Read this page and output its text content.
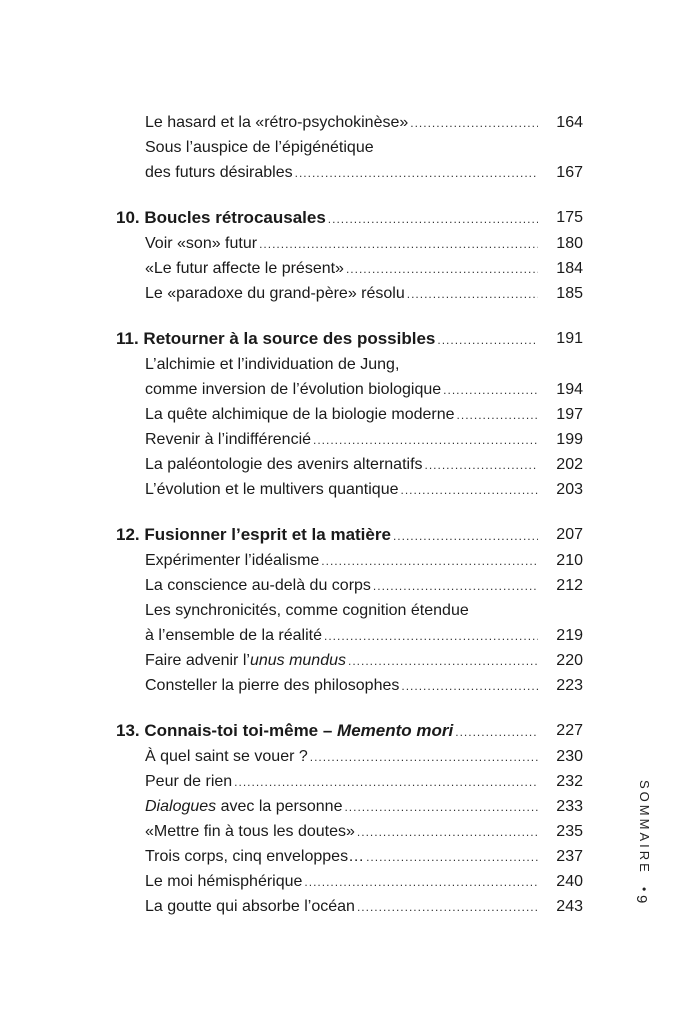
Le hasard et la «rétro-psychokinèse» .....	164
Sous l’auspice de l’épigénétique
des futurs désirables .....	167
10. Boucles rétrocausales .....	175
Voir «son» futur .....	180
«Le futur affecte le présent» .....	184
Le «paradoxe du grand-père» résolu .....	185
11. Retourner à la source des possibles .....	191
L’alchimie et l’individuation de Jung,
comme inversion de l’évolution biologique .....	194
La quête alchimique de la biologie moderne .....	197
Revenir à l’indifférencié .....	199
La paléontologie des avenirs alternatifs .....	202
L’évolution et le multivers quantique .....	203
12. Fusionner l’esprit et la matière .....	207
Expérimenter l’idéalisme .....	210
La conscience au-delà du corps .....	212
Les synchronicités, comme cognition étendue
à l’ensemble de la réalité .....	219
Faire advenir l’unus mundus .....	220
Consteller la pierre des philosophes .....	223
13. Connais-toi toi-même – Memento mori .....	227
À quel saint se vouer ? .....	230
Peur de rien .....	232
Dialogues avec la personne .....	233
«Mettre fin à tous les doutes» .....	235
Trois corps, cinq enveloppes… .....	237
Le moi hémisphérique .....	240
La goutte qui absorbe l’océan .....	243
SOMMAIRE •
9
